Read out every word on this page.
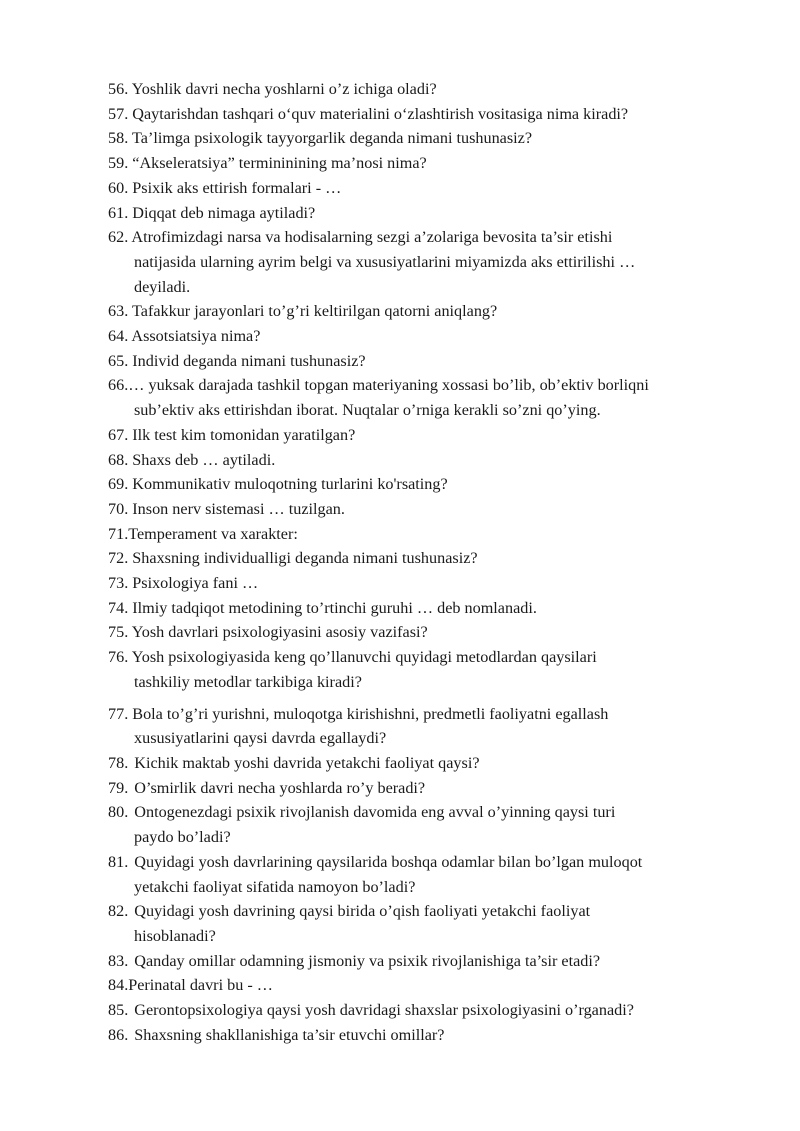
56. Yoshlik davri necha yoshlarni o’z ichiga oladi?
57. Qaytarishdan tashqari o‘quv materialini o‘zlashtirish vositasiga nima kiradi?
58. Ta’limga psixologik tayyorgarlik deganda nimani tushunasiz?
59. “Akseleratsiya” termininining ma’nosi nima?
60. Psixik aks ettirish formalari - …
61. Diqqat deb nimaga aytiladi?
62. Atrofimizdagi narsa va hodisalarning sezgi a’zolariga bevosita ta’sir etishi
natijasida ularning ayrim belgi va xususiyatlarini miyamizda aks ettirilishi …
deyiladi.
63. Tafakkur jarayonlari to’g’ri keltirilgan qatorni aniqlang?
64. Assotsiatsiya nima?
65. Individ deganda nimani tushunasiz?
66.… yuksak darajada tashkil topgan materiyaning xossasi bo’lib, ob’ektiv borliqni
sub’ektiv aks ettirishdan iborat. Nuqtalar o’rniga kerakli so’zni qo’ying.
67. Ilk test kim tomonidan yaratilgan?
68. Shaxs deb … aytiladi.
69. Kommunikativ muloqotning turlarini ko'rsating?
70. Inson nerv sistemasi … tuzilgan.
71.Temperament va xarakter:
72. Shaxsning individualligi deganda nimani tushunasiz?
73. Psixologiya fani …
74. Ilmiy tadqiqot metodining to’rtinchi guruhi … deb nomlanadi.
75. Yosh davrlari psixologiyasini asosiy vazifasi?
76. Yosh psixologiyasida keng qo’llanuvchi quyidagi metodlardan qaysilari
tashkiliy metodlar tarkibiga kiradi?
77. Bola to’g’ri yurishni, muloqotga kirishishni, predmetli faoliyatni egallash
xususiyatlarini qaysi davrda egallaydi?
78. Kichik maktab yoshi davrida yetakchi faoliyat qaysi?
79. O’smirlik davri necha yoshlarda ro’y beradi?
80. Ontogenezdagi psixik rivojlanish davomida eng avval o’yinning qaysi turi
paydo bo’ladi?
81. Quyidagi yosh davrlarining qaysilarida boshqa odamlar bilan bo’lgan muloqot
yetakchi faoliyat sifatida namoyon bo’ladi?
82. Quyidagi yosh davrining qaysi birida o’qish faoliyati yetakchi faoliyat
hisoblanadi?
83. Qanday omillar odamning jismoniy va psixik rivojlanishiga ta’sir etadi?
84.Perinatal davri bu - …
85. Gerontopsixologiya qaysi yosh davridagi shaxslar psixologiyasini o’rganadi?
86. Shaxsning shakllanishiga ta’sir etuvchi omillar?
